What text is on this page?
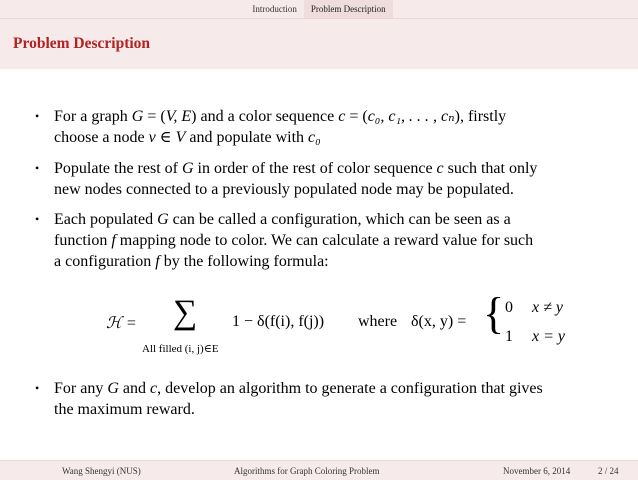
Introduction	Problem Description
Problem Description
• For a graph G = (V, E) and a color sequence c = (c₀, c₁, . . . , cₙ), firstly
choose a node v ∈ V and populate with c₀
• Populate the rest of G in order of the rest of color sequence c such that only
new nodes connected to a previously populated node may be populated.
• Each populated G can be called a configuration, which can be seen as a
function f mapping node to color. We can calculate a reward value for such
a configuration f by the following formula:
• For any G and c, develop an algorithm to generate a configuration that gives
the maximum reward.
ℋ = ∑
All filled (i, j)∈E
1 − δ(f(i), f(j)) where δ(x, y) = { 0 x ≠ y
1 x = y
Wang Shengyi (NUS)	Algorithms for Graph Coloring Problem	November 6, 2014	2 / 24
